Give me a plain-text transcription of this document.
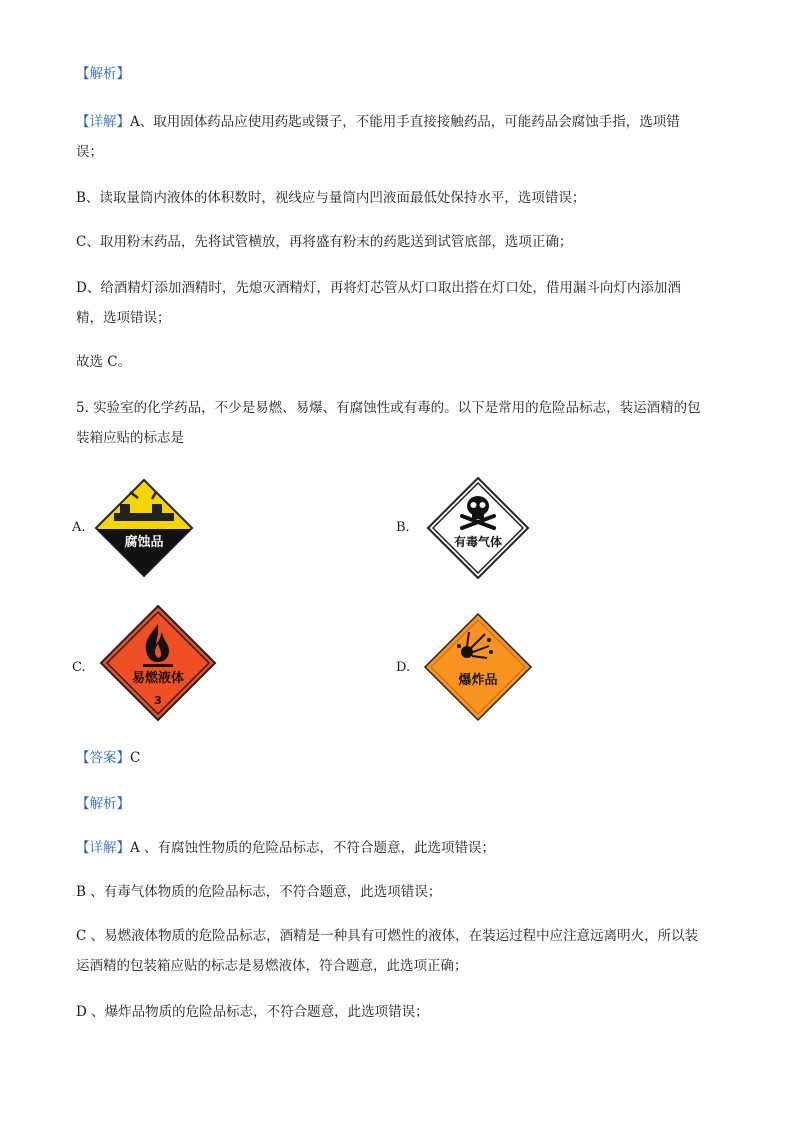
【解析】
【详解】A、取用固体药品应使用药匙或镊子，不能用手直接接触药品，可能药品会腐蚀手指，选项错
误；
B、读取量筒内液体的体积数时，视线应与量筒内凹液面最低处保持水平，选项错误；
C、取用粉末药品，先将试管横放，再将盛有粉末的药匙送到试管底部，选项正确；
D、给酒精灯添加酒精时，先熄灭酒精灯，再将灯芯管从灯口取出搭在灯口处，借用漏斗向灯内添加酒
精，选项错误；
故选 C。
5. 实验室的化学药品，不少是易燃、易爆、有腐蚀性或有毒的。以下是常用的危险品标志，装运酒精的包
装箱应贴的标志是
A.
腐蚀品
B.
有毒气体
C.
易燃液体
3
D.
爆炸品
【答案】C
【解析】
【详解】A 、有腐蚀性物质的危险品标志，不符合题意，此选项错误；
B 、有毒气体物质的危险品标志，不符合题意，此选项错误；
C 、易燃液体物质的危险品标志，酒精是一种具有可燃性的液体，在装运过程中应注意远离明火，所以装
运酒精的包装箱应贴的标志是易燃液体，符合题意，此选项正确；
D 、爆炸品物质的危险品标志，不符合题意，此选项错误；
